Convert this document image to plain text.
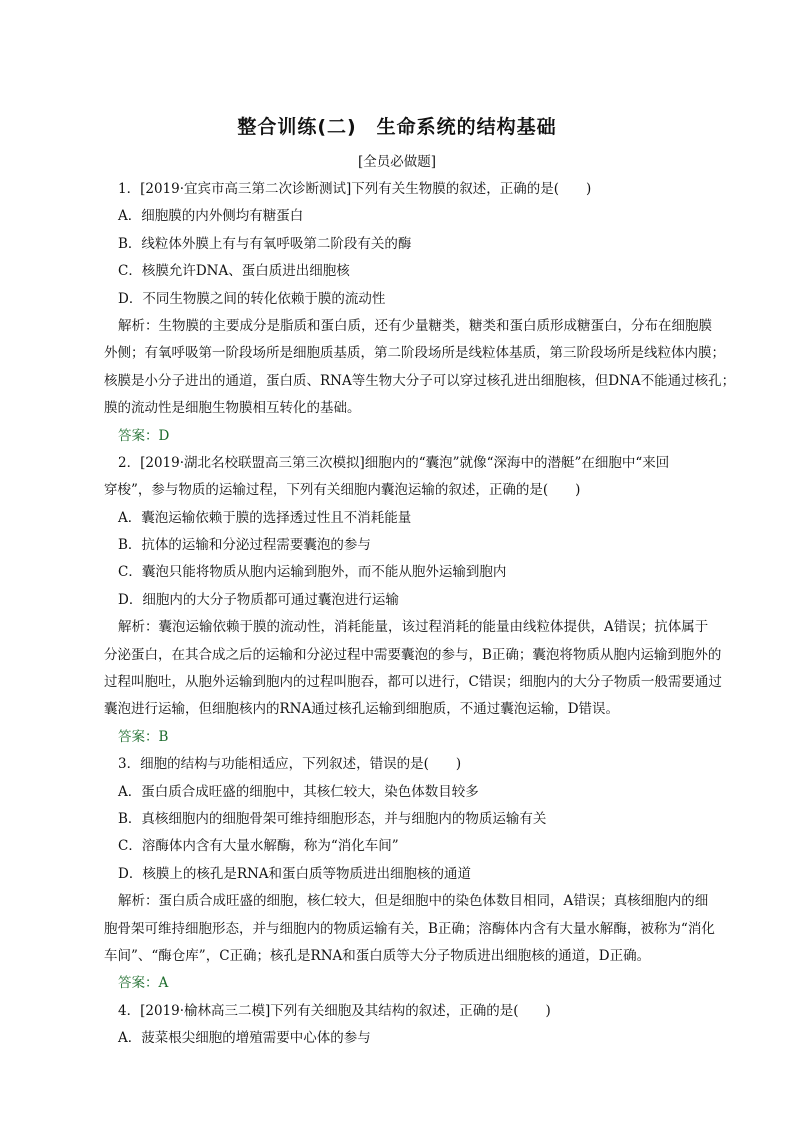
整合训练(二)　生命系统的结构基础
[全员必做题]
1．[2019·宜宾市高三第二次诊断测试]下列有关生物膜的叙述，正确的是(　　)
A．细胞膜的内外侧均有糖蛋白
B．线粒体外膜上有与有氧呼吸第二阶段有关的酶
C．核膜允许DNA、蛋白质进出细胞核
D．不同生物膜之间的转化依赖于膜的流动性
解析：生物膜的主要成分是脂质和蛋白质，还有少量糖类，糖类和蛋白质形成糖蛋白，分布在细胞膜
外侧；有氧呼吸第一阶段场所是细胞质基质，第二阶段场所是线粒体基质，第三阶段场所是线粒体内膜；
核膜是小分子进出的通道，蛋白质、RNA等生物大分子可以穿过核孔进出细胞核，但DNA不能通过核孔；
膜的流动性是细胞生物膜相互转化的基础。
答案：D
2．[2019·湖北名校联盟高三第三次模拟]细胞内的“囊泡”就像“深海中的潜艇”在细胞中“来回
穿梭”，参与物质的运输过程，下列有关细胞内囊泡运输的叙述，正确的是(　　)
A．囊泡运输依赖于膜的选择透过性且不消耗能量
B．抗体的运输和分泌过程需要囊泡的参与
C．囊泡只能将物质从胞内运输到胞外，而不能从胞外运输到胞内
D．细胞内的大分子物质都可通过囊泡进行运输
解析：囊泡运输依赖于膜的流动性，消耗能量，该过程消耗的能量由线粒体提供，A错误；抗体属于
分泌蛋白，在其合成之后的运输和分泌过程中需要囊泡的参与，B正确；囊泡将物质从胞内运输到胞外的
过程叫胞吐，从胞外运输到胞内的过程叫胞吞，都可以进行，C错误；细胞内的大分子物质一般需要通过
囊泡进行运输，但细胞核内的RNA通过核孔运输到细胞质，不通过囊泡运输，D错误。
答案：B
3．细胞的结构与功能相适应，下列叙述，错误的是(　　)
A．蛋白质合成旺盛的细胞中，其核仁较大，染色体数目较多
B．真核细胞内的细胞骨架可维持细胞形态，并与细胞内的物质运输有关
C．溶酶体内含有大量水解酶，称为“消化车间”
D．核膜上的核孔是RNA和蛋白质等物质进出细胞核的通道
解析：蛋白质合成旺盛的细胞，核仁较大，但是细胞中的染色体数目相同，A错误；真核细胞内的细
胞骨架可维持细胞形态，并与细胞内的物质运输有关，B正确；溶酶体内含有大量水解酶，被称为“消化
车间”、“酶仓库”，C正确；核孔是RNA和蛋白质等大分子物质进出细胞核的通道，D正确。
答案：A
4．[2019·榆林高三二模]下列有关细胞及其结构的叙述，正确的是(　　)
A．菠菜根尖细胞的增殖需要中心体的参与
